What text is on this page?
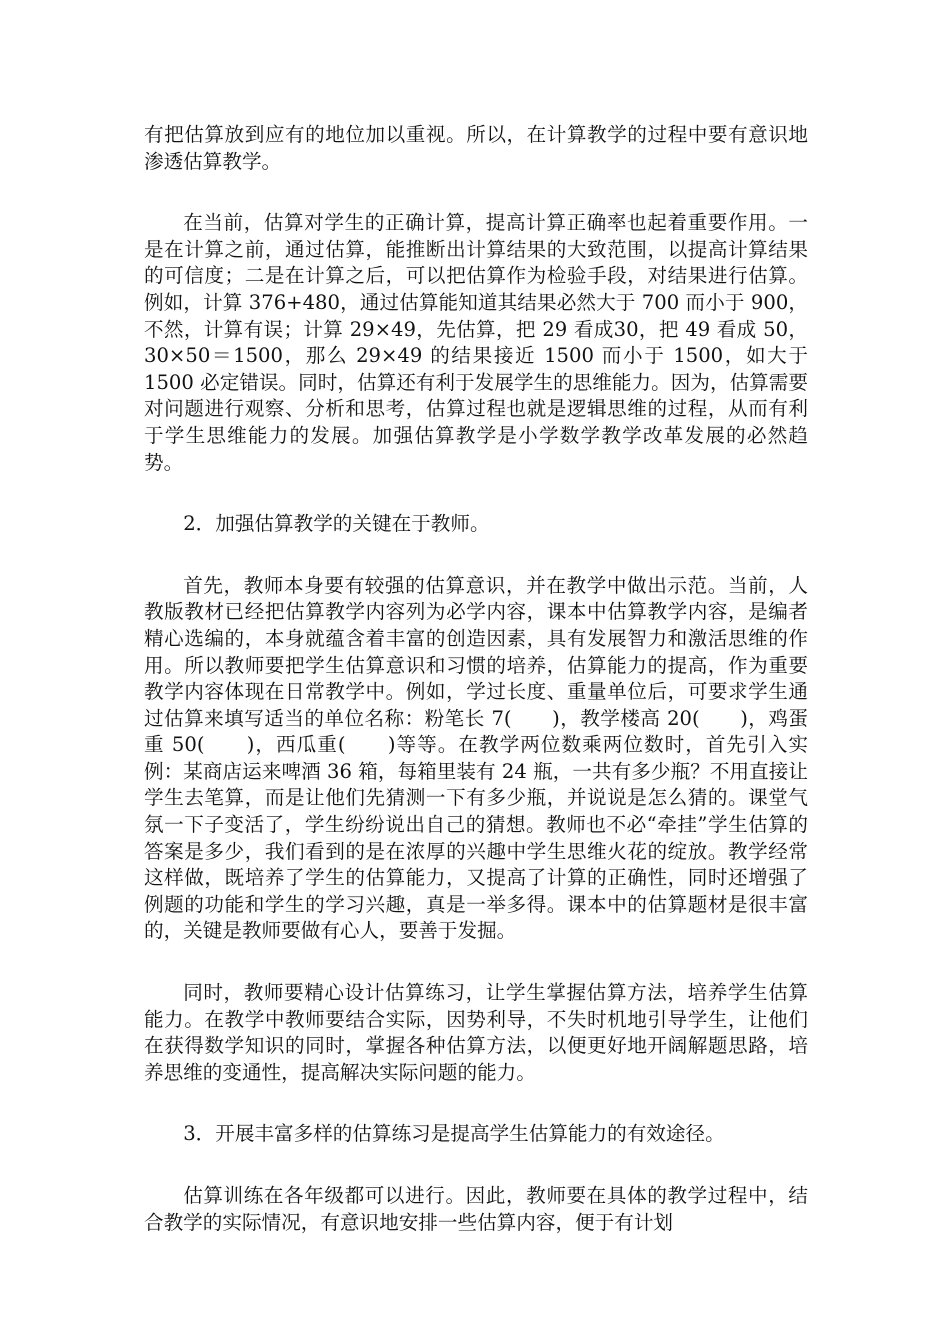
有把估算放到应有的地位加以重视。所以，在计算教学的过程中要有意识地渗透估算教学。

在当前，估算对学生的正确计算，提高计算正确率也起着重要作用。一是在计算之前，通过估算，能推断出计算结果的大致范围，以提高计算结果的可信度；二是在计算之后，可以把估算作为检验手段，对结果进行估算。例如，计算 376+480，通过估算能知道其结果必然大于 700 而小于 900，不然，计算有误；计算 29×49，先估算，把 29 看成30，把 49 看成 50，30×50＝1500，那么 29×49 的结果接近 1500 而小于 1500，如大于 1500 必定错误。同时，估算还有利于发展学生的思维能力。因为，估算需要对问题进行观察、分析和思考，估算过程也就是逻辑思维的过程，从而有利于学生思维能力的发展。加强估算教学是小学数学教学改革发展的必然趋势。

2．加强估算教学的关键在于教师。

首先，教师本身要有较强的估算意识，并在教学中做出示范。当前，人教版教材已经把估算教学内容列为必学内容，课本中估算教学内容，是编者精心选编的，本身就蕴含着丰富的创造因素，具有发展智力和激活思维的作用。所以教师要把学生估算意识和习惯的培养，估算能力的提高，作为重要教学内容体现在日常教学中。例如，学过长度、重量单位后，可要求学生通过估算来填写适当的单位名称：粉笔长 7(　　)，教学楼高 20(　　)，鸡蛋重 50(　　)，西瓜重(　　)等等。在教学两位数乘两位数时，首先引入实例：某商店运来啤酒 36 箱，每箱里装有 24 瓶，一共有多少瓶？不用直接让学生去笔算，而是让他们先猜测一下有多少瓶，并说说是怎么猜的。课堂气氛一下子变活了，学生纷纷说出自己的猜想。教师也不必“牵挂”学生估算的答案是多少，我们看到的是在浓厚的兴趣中学生思维火花的绽放。教学经常这样做，既培养了学生的估算能力，又提高了计算的正确性，同时还增强了例题的功能和学生的学习兴趣，真是一举多得。课本中的估算题材是很丰富的，关键是教师要做有心人，要善于发掘。

同时，教师要精心设计估算练习，让学生掌握估算方法，培养学生估算能力。在教学中教师要结合实际，因势利导，不失时机地引导学生，让他们在获得数学知识的同时，掌握各种估算方法，以便更好地开阔解题思路，培养思维的变通性，提高解决实际问题的能力。

3．开展丰富多样的估算练习是提高学生估算能力的有效途径。

估算训练在各年级都可以进行。因此，教师要在具体的教学过程中，结合教学的实际情况，有意识地安排一些估算内容，便于有计划
